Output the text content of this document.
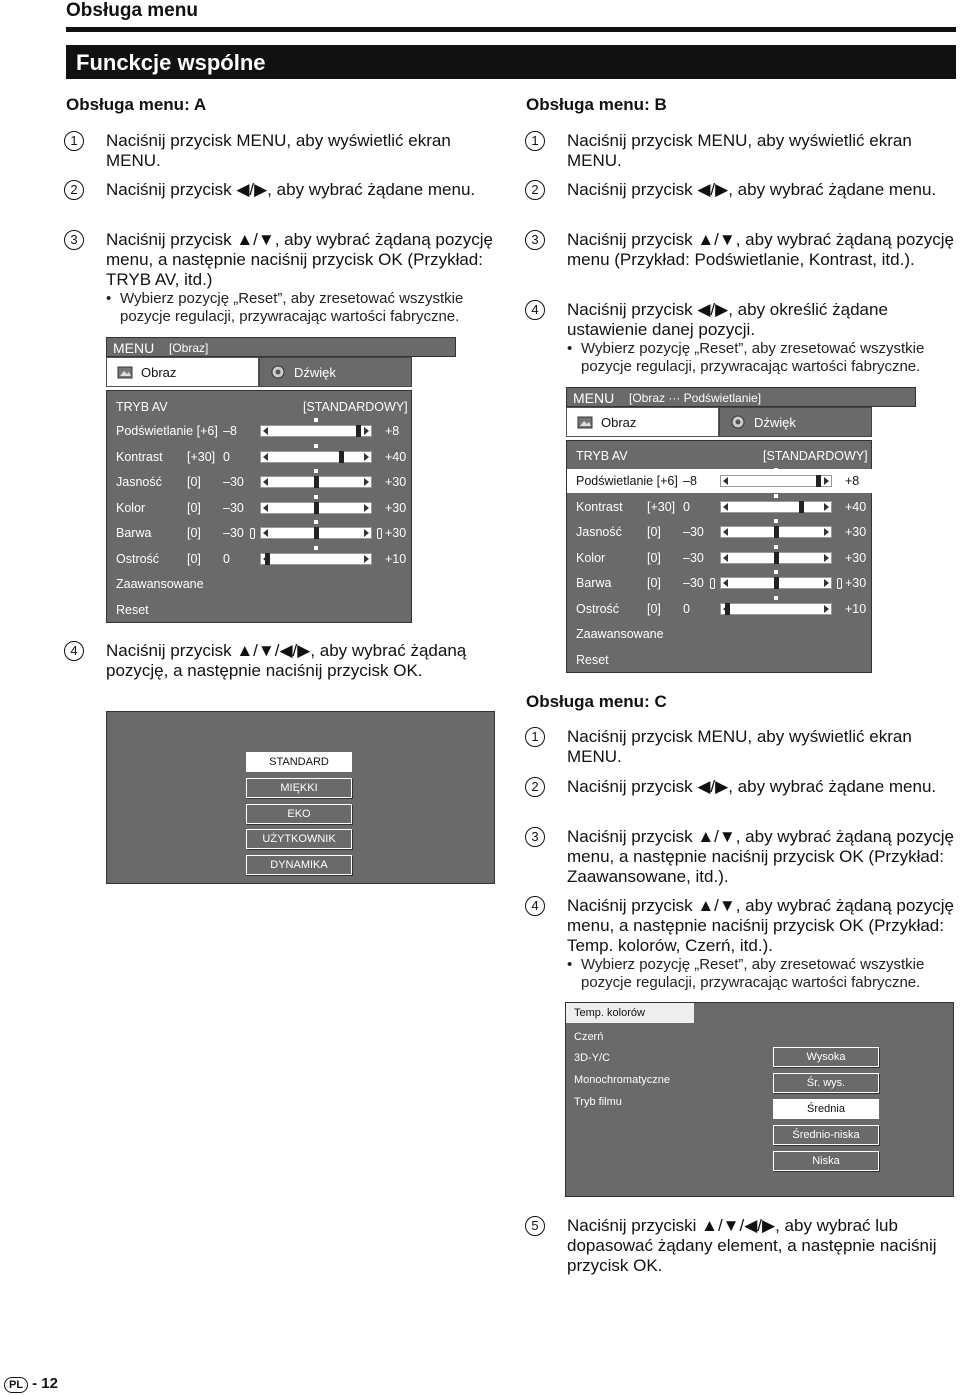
Obsługa menu
Funckcje wspólne
Obsługa menu: A
1	Naciśnij przycisk MENU, aby wyświetlić ekran MENU.
2	Naciśnij przycisk ◀/▶, aby wybrać żądane menu.
3	Naciśnij przycisk ▲/▼, aby wybrać żądaną pozycję menu, a następnie naciśnij przycisk OK (Przykład: TRYB AV, itd.)
• Wybierz pozycję „Reset”, aby zresetować wszystkie pozycje regulacji, przywracając wartości fabryczne.
MENU [Obraz]
Obraz	Dźwięk
TRYB AV	[STANDARDOWY]
Podświetlanie [+6] –8	+8
Kontrast [+30] 0	+40
Jasność [0] –30	+30
Kolor	[0] –30	+30
Barwa	[0] –30	+30
Ostrość [0] 0	+10
Zaawansowane
Reset
4	Naciśnij przycisk ▲/▼/◀/▶, aby wybrać żądaną pozycję, a następnie naciśnij przycisk OK.
STANDARD
MIĘKKI
EKO
UŻYTKOWNIK
DYNAMIKA
Obsługa menu: B
1	Naciśnij przycisk MENU, aby wyświetlić ekran MENU.
2	Naciśnij przycisk ◀/▶, aby wybrać żądane menu.
3	Naciśnij przycisk ▲/▼, aby wybrać żądaną pozycję menu (Przykład: Podświetlanie, Kontrast, itd.).
4	Naciśnij przycisk ◀/▶, aby określić żądane ustawienie danej pozycji.
• Wybierz pozycję „Reset”, aby zresetować wszystkie pozycje regulacji, przywracając wartości fabryczne.
MENU [Obraz ··· Podświetlanie]
Obraz	Dźwięk
TRYB AV	[STANDARDOWY]
Podświetlanie [+6] –8	+8
Kontrast [+30] 0	+40
Jasność [0] –30	+30
Kolor	[0] –30	+30
Barwa	[0] –30	+30
Ostrość [0] 0	+10
Zaawansowane
Reset
Obsługa menu: C
1	Naciśnij przycisk MENU, aby wyświetlić ekran MENU.
2	Naciśnij przycisk ◀/▶, aby wybrać żądane menu.
3	Naciśnij przycisk ▲/▼, aby wybrać żądaną pozycję menu, a następnie naciśnij przycisk OK (Przykład: Zaawansowane, itd.).
4	Naciśnij przycisk ▲/▼, aby wybrać żądaną pozycję menu, a następnie naciśnij przycisk OK (Przykład: Temp. kolorów, Czerń, itd.).
• Wybierz pozycję „Reset”, aby zresetować wszystkie pozycje regulacji, przywracając wartości fabryczne.
Temp. kolorów
Czerń
3D-Y/C
Monochromatyczne
Tryb filmu
Wysoka
Śr. wys.
Średnia
Średnio-niska
Niska
5	Naciśnij przyciski ▲/▼/◀/▶, aby wybrać lub dopasować żądany element, a następnie naciśnij przycisk OK.
PL - 12
